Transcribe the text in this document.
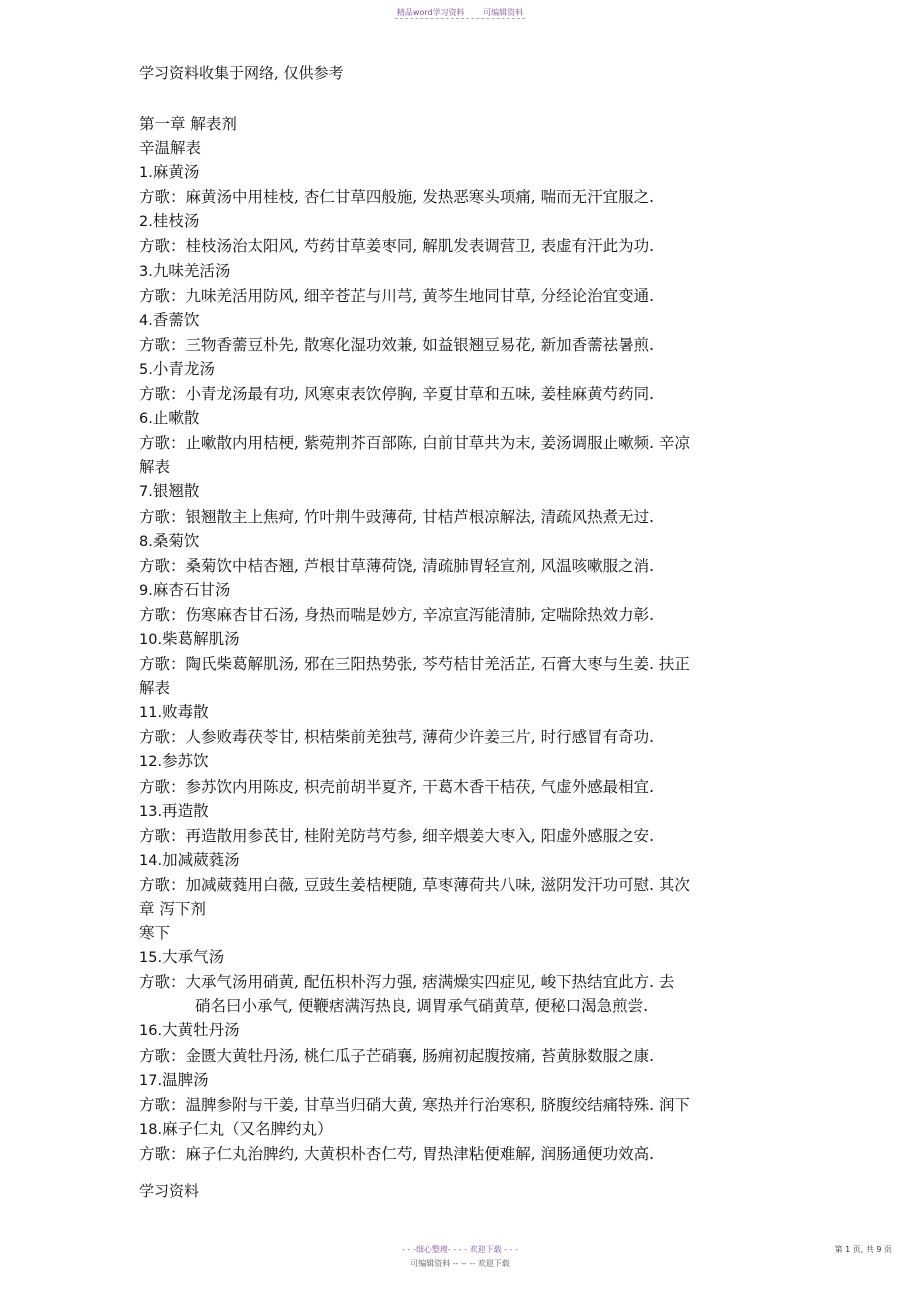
精品word学习资料 可编辑资料
学习资料收集于网络, 仅供参考
第一章 解表剂
辛温解表
1.麻黄汤
方歌：麻黄汤中用桂枝, 杏仁甘草四般施, 发热恶寒头项痛, 喘而无汗宜服之.
2.桂枝汤
方歌：桂枝汤治太阳风, 芍药甘草姜枣同, 解肌发表调营卫, 表虚有汗此为功.
3.九味羌活汤
方歌：九味羌活用防风, 细辛苍芷与川芎, 黄芩生地同甘草, 分经论治宜变通.
4.香薷饮
方歌：三物香薷豆朴先, 散寒化湿功效兼, 如益银翘豆易花, 新加香薷祛暑煎.
5.小青龙汤
方歌：小青龙汤最有功, 风寒束表饮停胸, 辛夏甘草和五味, 姜桂麻黄芍药同.
6.止嗽散
方歌：止嗽散内用桔梗, 紫菀荆芥百部陈, 白前甘草共为末, 姜汤调服止嗽频. 辛凉
解表
7.银翘散
方歌：银翘散主上焦疴, 竹叶荆牛豉薄荷, 甘桔芦根凉解法, 清疏风热煮无过.
8.桑菊饮
方歌：桑菊饮中桔杏翘, 芦根甘草薄荷饶, 清疏肺胃轻宣剂, 风温咳嗽服之消.
9.麻杏石甘汤
方歌：伤寒麻杏甘石汤, 身热而喘是妙方, 辛凉宣泻能清肺, 定喘除热效力彰.
10.柴葛解肌汤
方歌：陶氏柴葛解肌汤, 邪在三阳热势张, 芩芍桔甘羌活芷, 石膏大枣与生姜. 扶正
解表
11.败毒散
方歌：人参败毒茯苓甘, 枳桔柴前羌独芎, 薄荷少许姜三片, 时行感冒有奇功.
12.参苏饮
方歌：参苏饮内用陈皮, 枳壳前胡半夏齐, 干葛木香干桔茯, 气虚外感最相宜.
13.再造散
方歌：再造散用参芪甘, 桂附羌防芎芍参, 细辛煨姜大枣入, 阳虚外感服之安.
14.加减葳蕤汤
方歌：加减葳蕤用白薇, 豆豉生姜桔梗随, 草枣薄荷共八味, 滋阴发汗功可慰. 其次
章 泻下剂
寒下
15.大承气汤
方歌：大承气汤用硝黄, 配伍枳朴泻力强, 痞满燥实四症见, 峻下热结宜此方. 去
硝名曰小承气, 便鞭痞满泻热良, 调胃承气硝黄草, 便秘口渴急煎尝.
16.大黄牡丹汤
方歌：金匮大黄牡丹汤, 桃仁瓜子芒硝襄, 肠痈初起腹按痛, 苔黄脉数服之康.
17.温脾汤
方歌：温脾参附与干姜, 甘草当归硝大黄, 寒热并行治寒积, 脐腹绞结痛特殊. 润下
18.麻子仁丸（又名脾约丸）
方歌：麻子仁丸治脾约, 大黄枳朴杏仁芍, 胃热津粘便难解, 润肠通便功效高.
学习资料
- - -细心整理- - - - 欢迎下载 - - -
可编辑资料 -- -- -- 欢迎下载
第 1 页, 共 9 页
